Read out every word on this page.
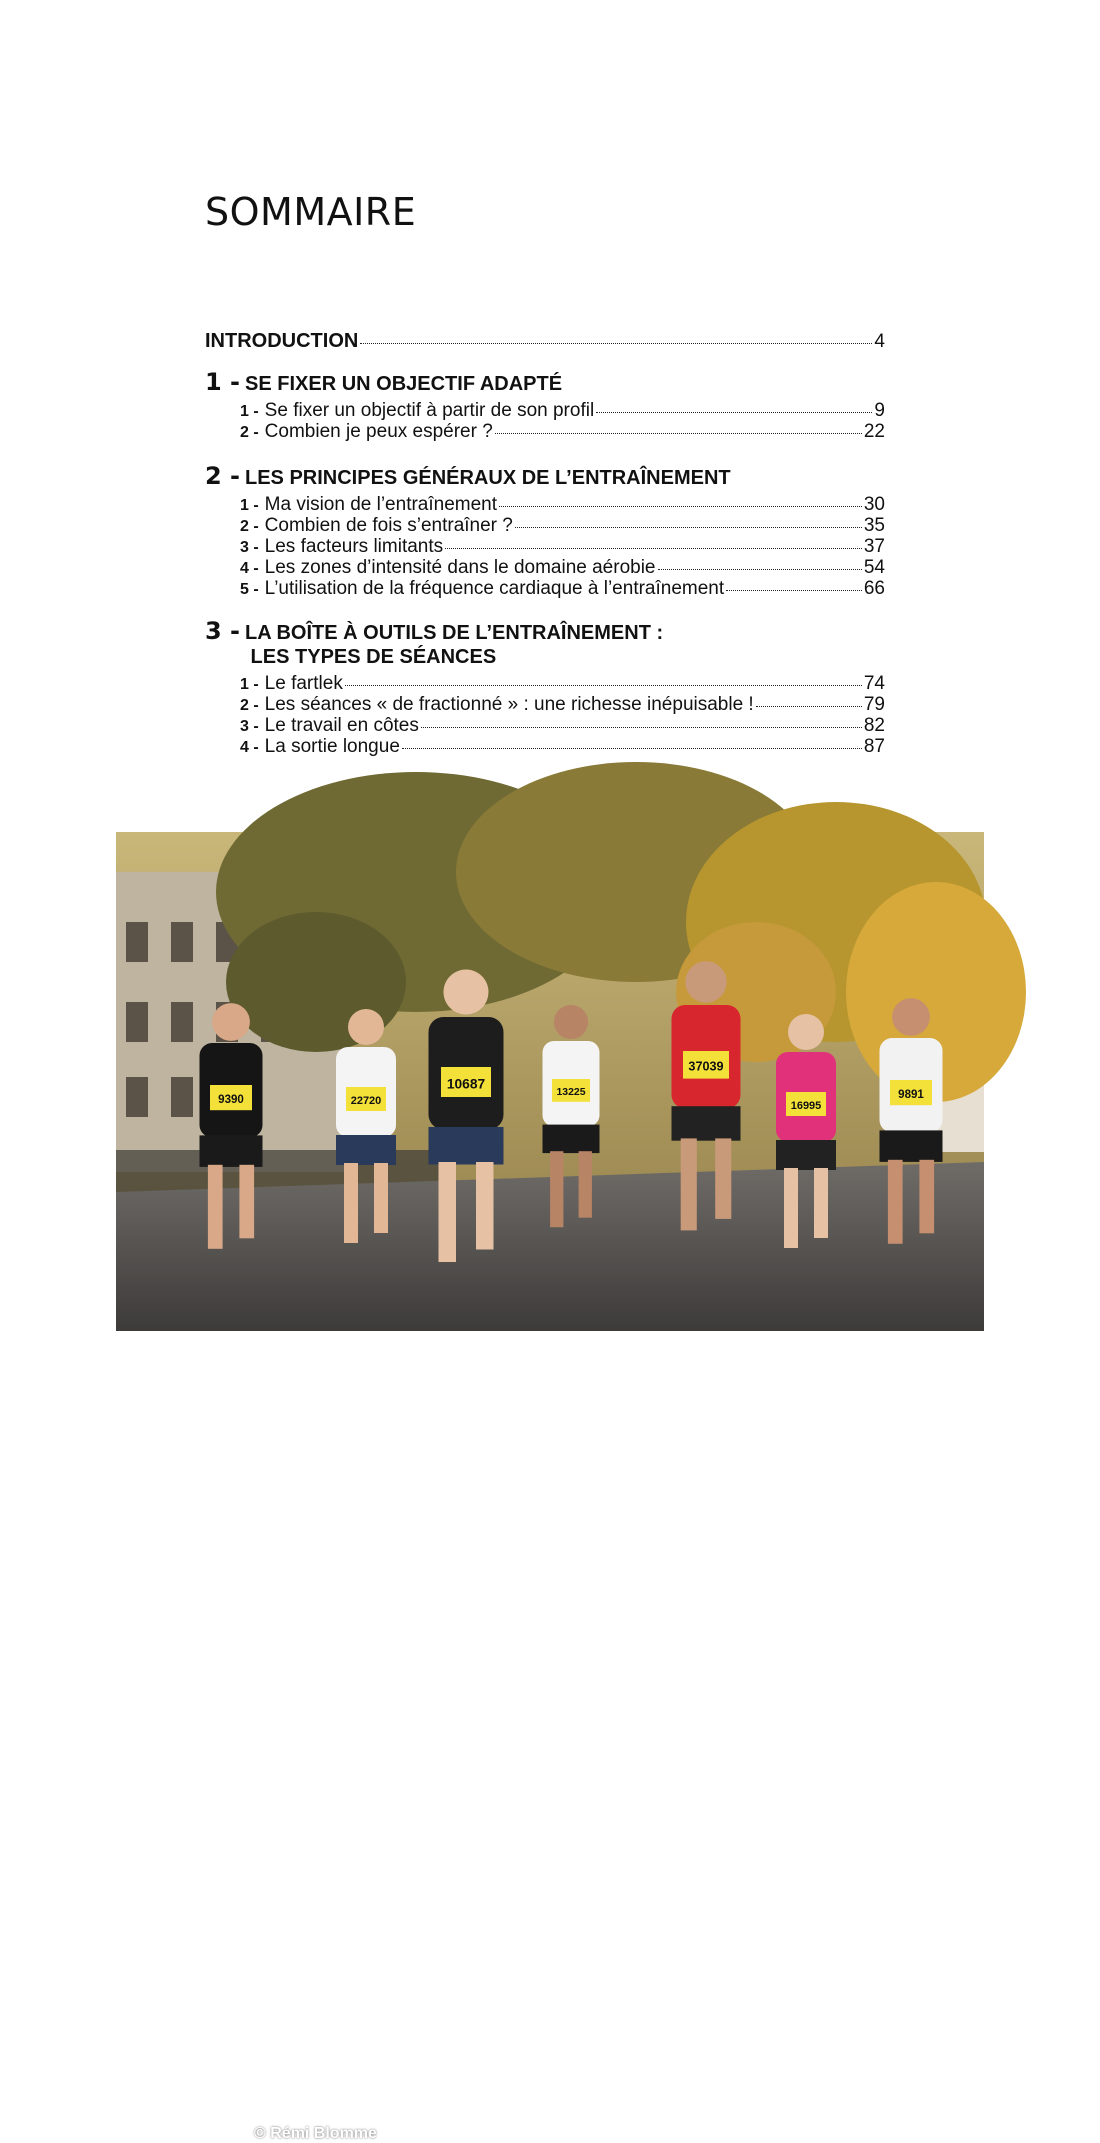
SOMMAIRE
INTRODUCTION	4
1 - SE FIXER UN OBJECTIF ADAPTÉ
1 - Se fixer un objectif à partir de son profil	9
2 - Combien je peux espérer ?	22
2 - LES PRINCIPES GÉNÉRAUX DE L’ENTRAÎNEMENT
1 - Ma vision de l’entraînement	30
2 - Combien de fois s’entraîner ?	35
3 - Les facteurs limitants	37
4 - Les zones d’intensité dans le domaine aérobie	54
5 - L’utilisation de la fréquence cardiaque à l’entraînement	66
3 - LA BOÎTE À OUTILS DE L’ENTRAÎNEMENT :
LES TYPES DE SÉANCES
1 - Le fartlek	74
2 - Les séances « de fractionné » : une richesse inépuisable !	79
3 - Le travail en côtes	82
4 - La sortie longue	87
10687
37039
16995
9891
22720
13225
9390
© Rémi Blomme
